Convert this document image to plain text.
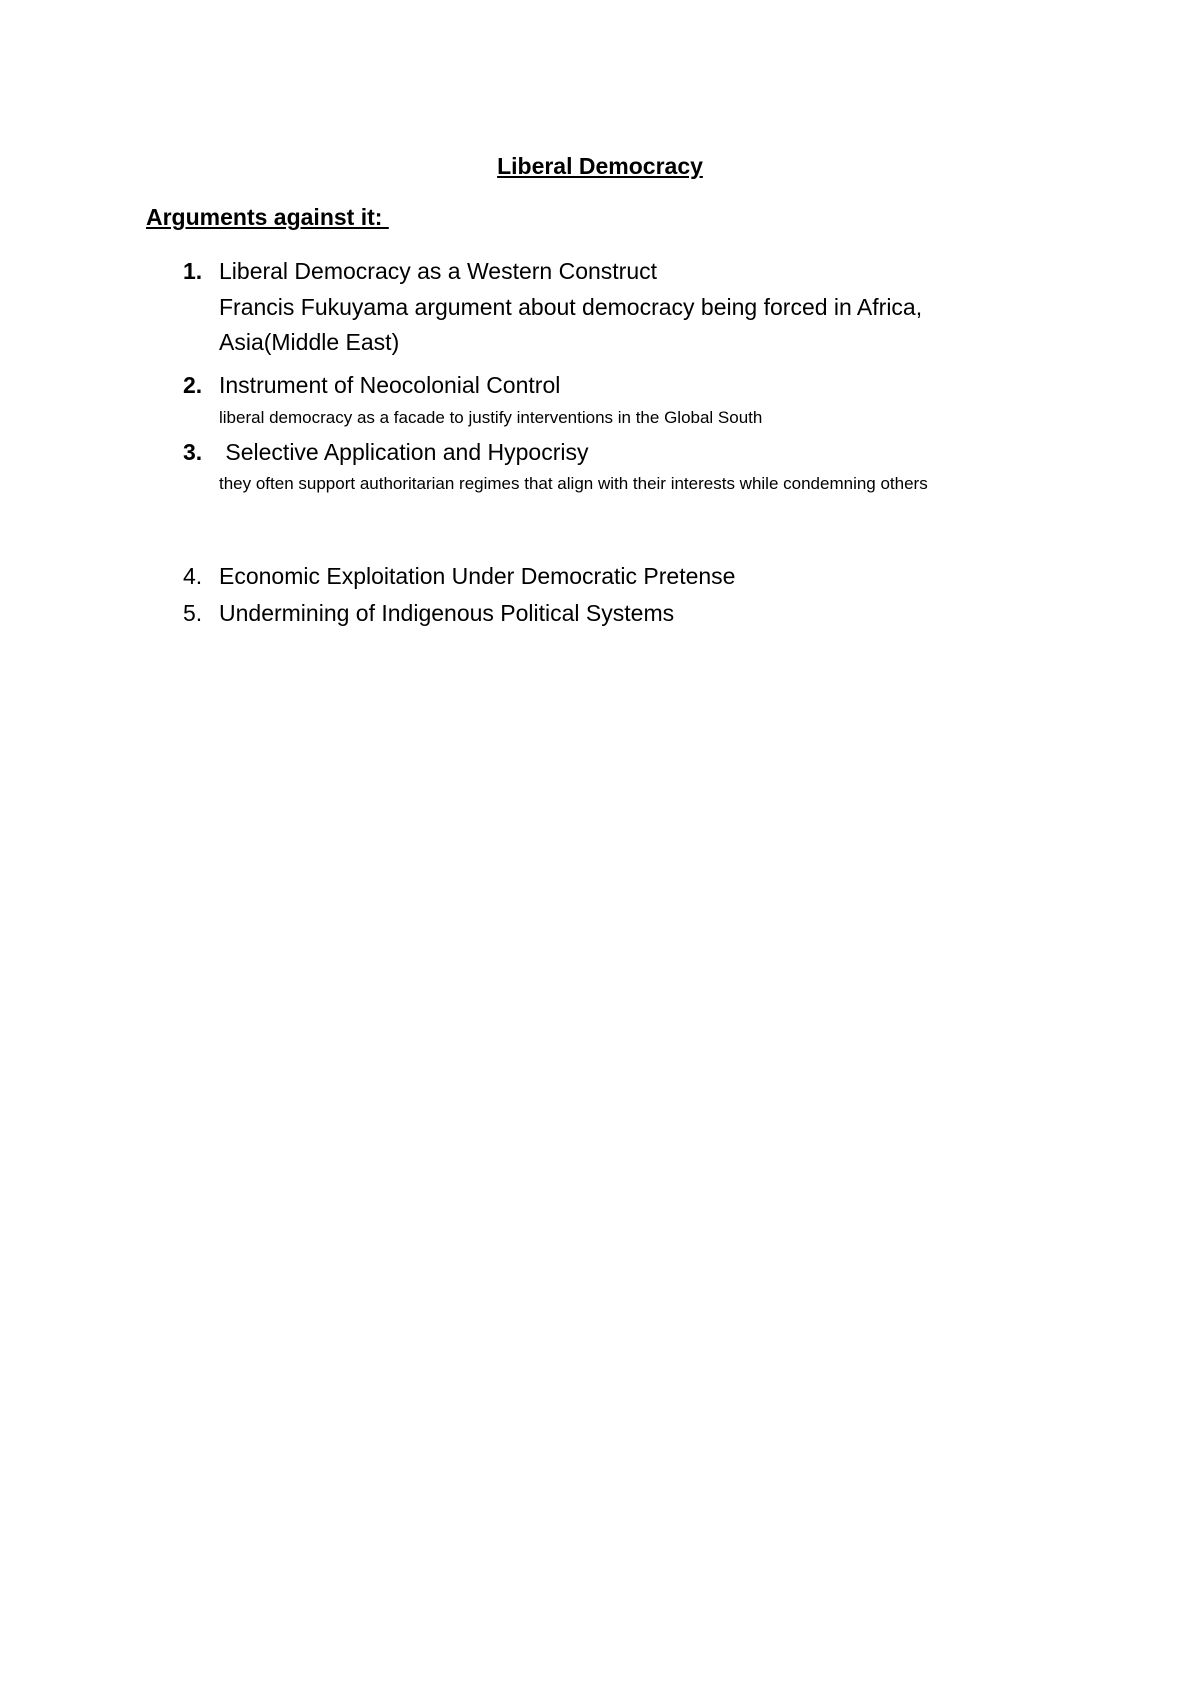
Liberal Democracy
Arguments against it:
1. Liberal Democracy as a Western Construct
Francis Fukuyama argument about democracy being forced in Africa, Asia(Middle East)
2. Instrument of Neocolonial Control
liberal democracy as a facade to justify interventions in the Global South
3. Selective Application and Hypocrisy
they often support authoritarian regimes that align with their interests while condemning others
4. Economic Exploitation Under Democratic Pretense
5. Undermining of Indigenous Political Systems
